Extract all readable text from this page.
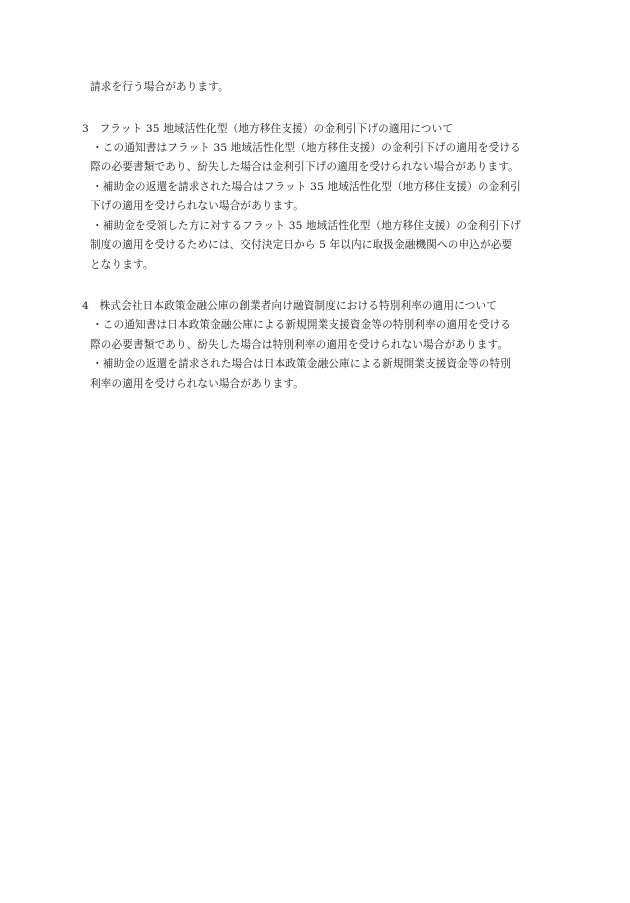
請求を行う場合があります。
3　フラット 35 地域活性化型（地方移住支援）の金利引下げの適用について
・この通知書はフラット 35 地域活性化型（地方移住支援）の金利引下げの適用を受ける
際の必要書類であり、紛失した場合は金利引下げの適用を受けられない場合があります。
・補助金の返還を請求された場合はフラット 35 地域活性化型（地方移住支援）の金利引
下げの適用を受けられない場合があります。
・補助金を受領した方に対するフラット 35 地域活性化型（地方移住支援）の金利引下げ
制度の適用を受けるためには、交付決定日から 5 年以内に取扱金融機関への申込が必要
となります。
4　株式会社日本政策金融公庫の創業者向け融資制度における特別利率の適用について
・この通知書は日本政策金融公庫による新規開業支援資金等の特別利率の適用を受ける
際の必要書類であり、紛失した場合は特別利率の適用を受けられない場合があります。
・補助金の返還を請求された場合は日本政策金融公庫による新規開業支援資金等の特別
利率の適用を受けられない場合があります。
